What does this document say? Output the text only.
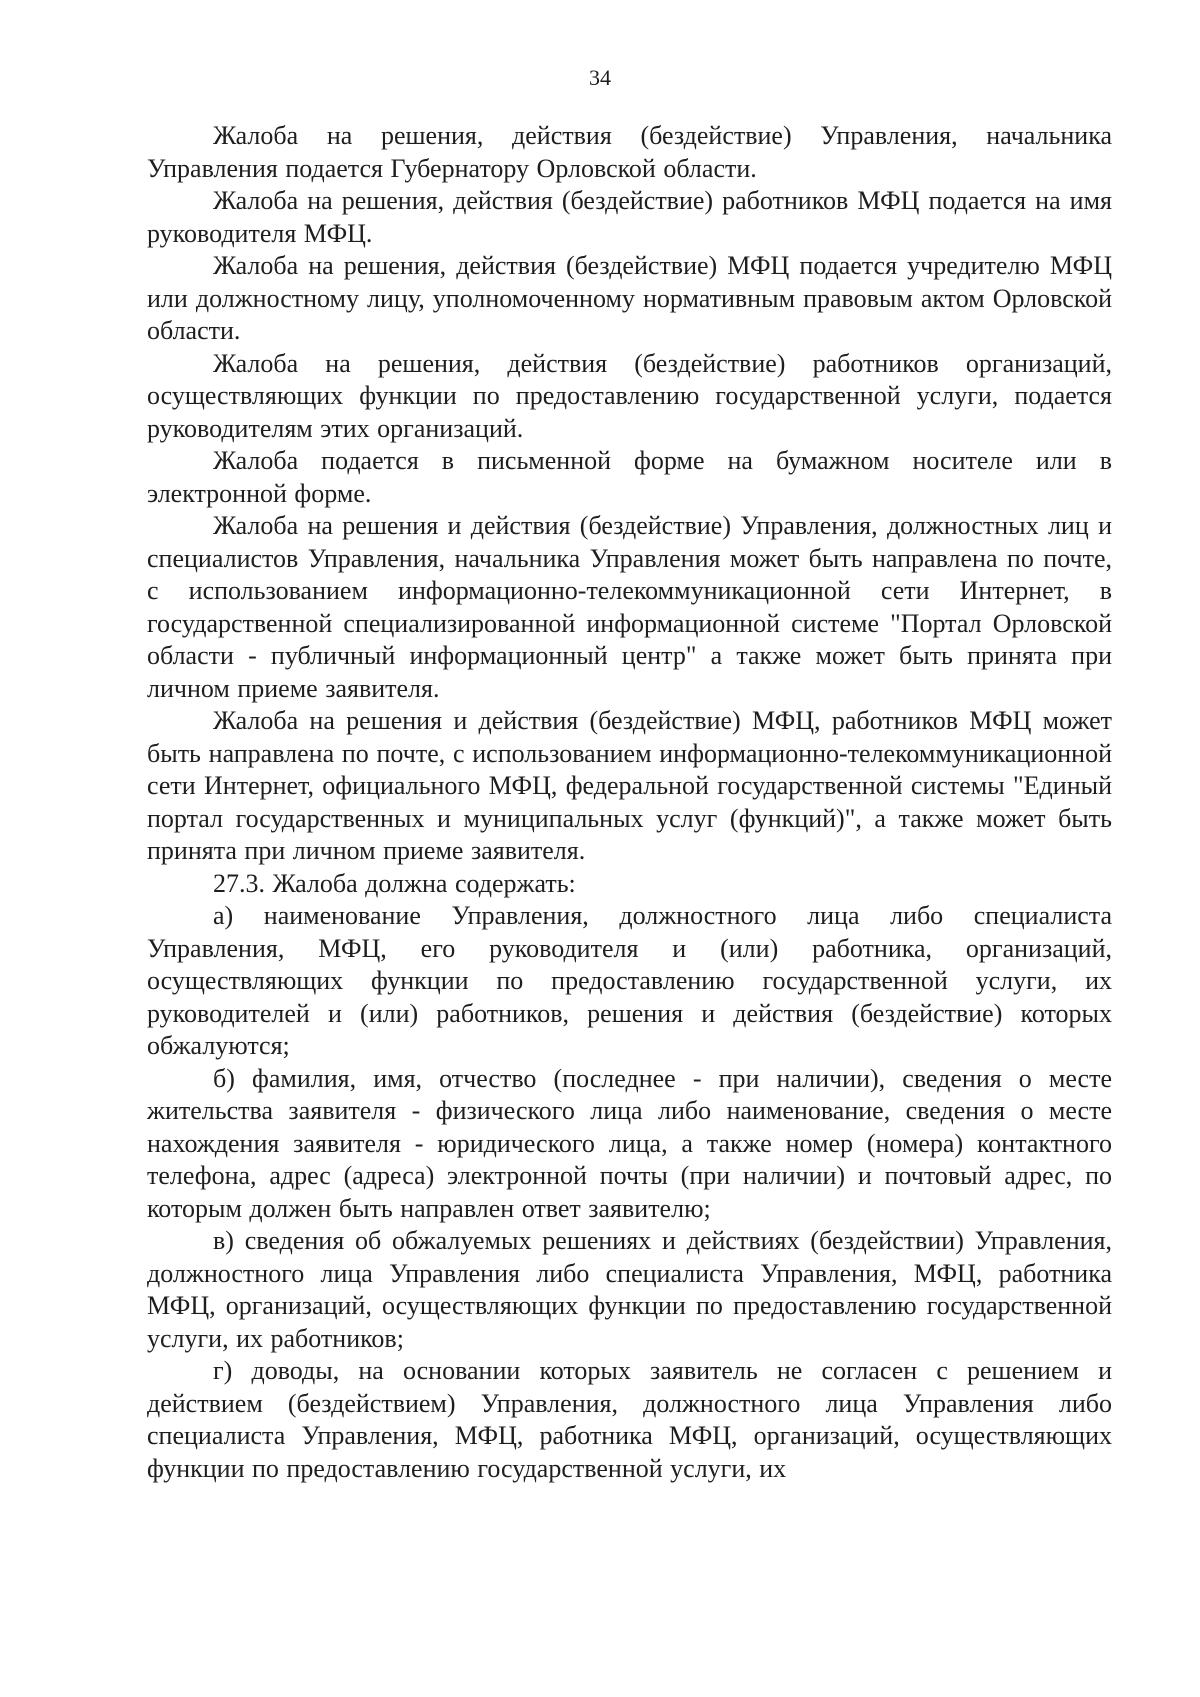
34

Жалоба на решения, действия (бездействие) Управления, начальника Управления подается Губернатору Орловской области.

Жалоба на решения, действия (бездействие) работников МФЦ подается на имя руководителя МФЦ.

Жалоба на решения, действия (бездействие) МФЦ подается учредителю МФЦ или должностному лицу, уполномоченному нормативным правовым актом Орловской области.

Жалоба на решения, действия (бездействие) работников организаций, осуществляющих функции по предоставлению государственной услуги, подается руководителям этих организаций.

Жалоба подается в письменной форме на бумажном носителе или в электронной форме.

Жалоба на решения и действия (бездействие) Управления, должностных лиц и специалистов Управления, начальника Управления может быть направлена по почте, с использованием информационно-телекоммуникационной сети Интернет, в государственной специализированной информационной системе "Портал Орловской области - публичный информационный центр" а также может быть принята при личном приеме заявителя.

Жалоба на решения и действия (бездействие) МФЦ, работников МФЦ может быть направлена по почте, с использованием информационно-телекоммуникационной сети Интернет, официального МФЦ, федеральной государственной системы "Единый портал государственных и муниципальных услуг (функций)", а также может быть принята при личном приеме заявителя.

27.3. Жалоба должна содержать:

а) наименование Управления, должностного лица либо специалиста Управления, МФЦ, его руководителя и (или) работника, организаций, осуществляющих функции по предоставлению государственной услуги, их руководителей и (или) работников, решения и действия (бездействие) которых обжалуются;

б) фамилия, имя, отчество (последнее - при наличии), сведения о месте жительства заявителя - физического лица либо наименование, сведения о месте нахождения заявителя - юридического лица, а также номер (номера) контактного телефона, адрес (адреса) электронной почты (при наличии) и почтовый адрес, по которым должен быть направлен ответ заявителю;

в) сведения об обжалуемых решениях и действиях (бездействии) Управления, должностного лица Управления либо специалиста Управления, МФЦ, работника МФЦ, организаций, осуществляющих функции по предоставлению государственной услуги, их работников;

г) доводы, на основании которых заявитель не согласен с решением и действием (бездействием) Управления, должностного лица Управления либо специалиста Управления, МФЦ, работника МФЦ, организаций, осуществляющих функции по предоставлению государственной услуги, их
